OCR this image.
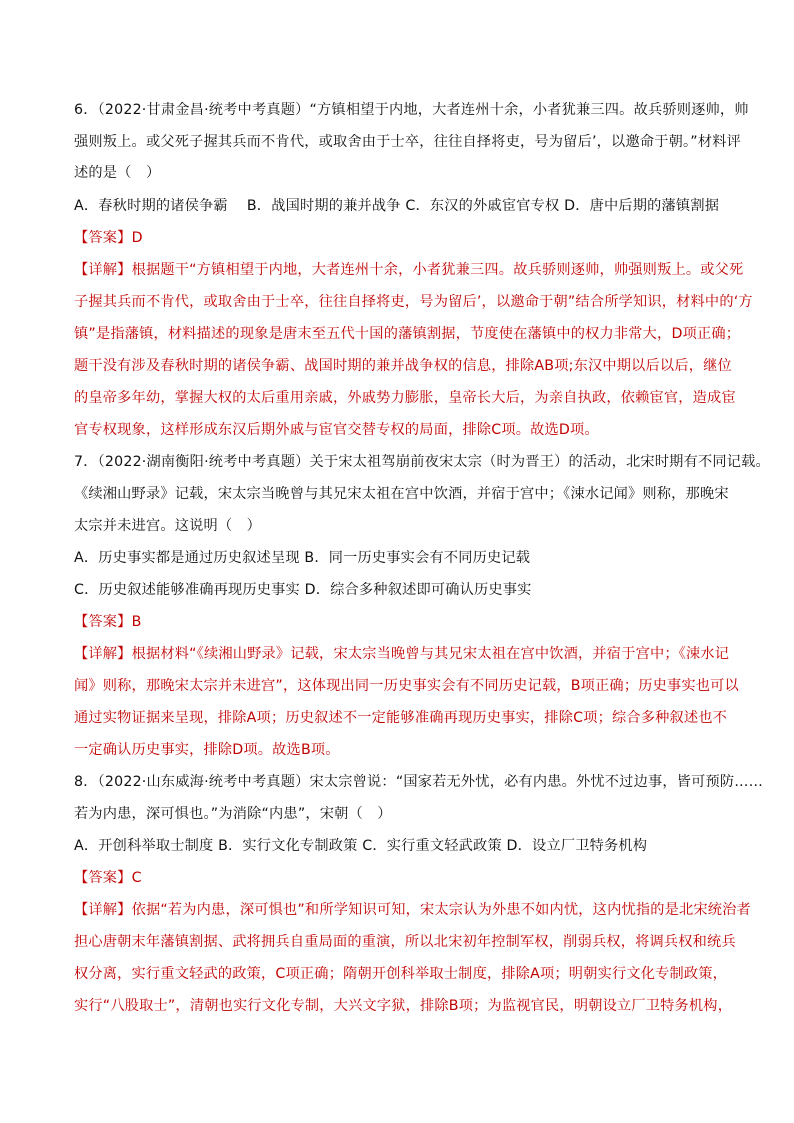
6．（2022·甘肃金昌·统考中考真题）“方镇相望于内地，大者连州十余，小者犹兼三四。故兵骄则逐帅，帅
强则叛上。或父死子握其兵而不肯代，或取舍由于士卒，往往自择将吏，号为留后’，以邀命于朝。”材料评
述的是（　）
A．春秋时期的诸侯争霸　 B．战国时期的兼并战争 C．东汉的外戚宦官专权 D．唐中后期的藩镇割据
【答案】D
【详解】根据题干“方镇相望于内地，大者连州十余，小者犹兼三四。故兵骄则逐帅，帅强则叛上。或父死
子握其兵而不肯代，或取舍由于士卒，往往自择将吏，号为留后’，以邀命于朝”结合所学知识，材料中的‘方
镇”是指藩镇，材料描述的现象是唐末至五代十国的藩镇割据，节度使在藩镇中的权力非常大，D项正确；
题干没有涉及春秋时期的诸侯争霸、战国时期的兼并战争权的信息，排除AB项;东汉中期以后以后，继位
的皇帝多年幼，掌握大权的太后重用亲戚，外戚势力膨胀，皇帝长大后，为亲自执政，依赖宦官，造成宦
官专权现象，这样形成东汉后期外戚与宦官交替专权的局面，排除C项。故选D项。
7．（2022·湖南衡阳·统考中考真题）关于宋太祖驾崩前夜宋太宗（时为晋王）的活动，北宋时期有不同记载。
《续湘山野录》记载，宋太宗当晚曾与其兄宋太祖在宫中饮酒，并宿于宫中；《涑水记闻》则称，那晚宋
太宗并未进宫。这说明（　）
A．历史事实都是通过历史叙述呈现 B．同一历史事实会有不同历史记载
C．历史叙述能够准确再现历史事实 D．综合多种叙述即可确认历史事实
【答案】B
【详解】根据材料“《续湘山野录》记载，宋太宗当晚曾与其兄宋太祖在宫中饮酒，并宿于宫中；《涑水记
闻》则称，那晚宋太宗并未进宫”，这体现出同一历史事实会有不同历史记载，B项正确；历史事实也可以
通过实物证据来呈现，排除A项；历史叙述不一定能够准确再现历史事实，排除C项；综合多种叙述也不
一定确认历史事实，排除D项。故选B项。
8．（2022·山东威海·统考中考真题）宋太宗曾说：“国家若无外忧，必有内患。外忧不过边事，皆可预防……
若为内患，深可惧也。”为消除“内患”，宋朝（　）
A．开创科举取士制度 B．实行文化专制政策 C．实行重文轻武政策 D．设立厂卫特务机构
【答案】C
【详解】依据“若为内患，深可惧也”和所学知识可知，宋太宗认为外患不如内忧，这内忧指的是北宋统治者
担心唐朝末年藩镇割据、武将拥兵自重局面的重演，所以北宋初年控制军权，削弱兵权，将调兵权和统兵
权分离，实行重文轻武的政策，C项正确；隋朝开创科举取士制度，排除A项；明朝实行文化专制政策，
实行“八股取士”，清朝也实行文化专制，大兴文字狱，排除B项；为监视官民，明朝设立厂卫特务机构，
